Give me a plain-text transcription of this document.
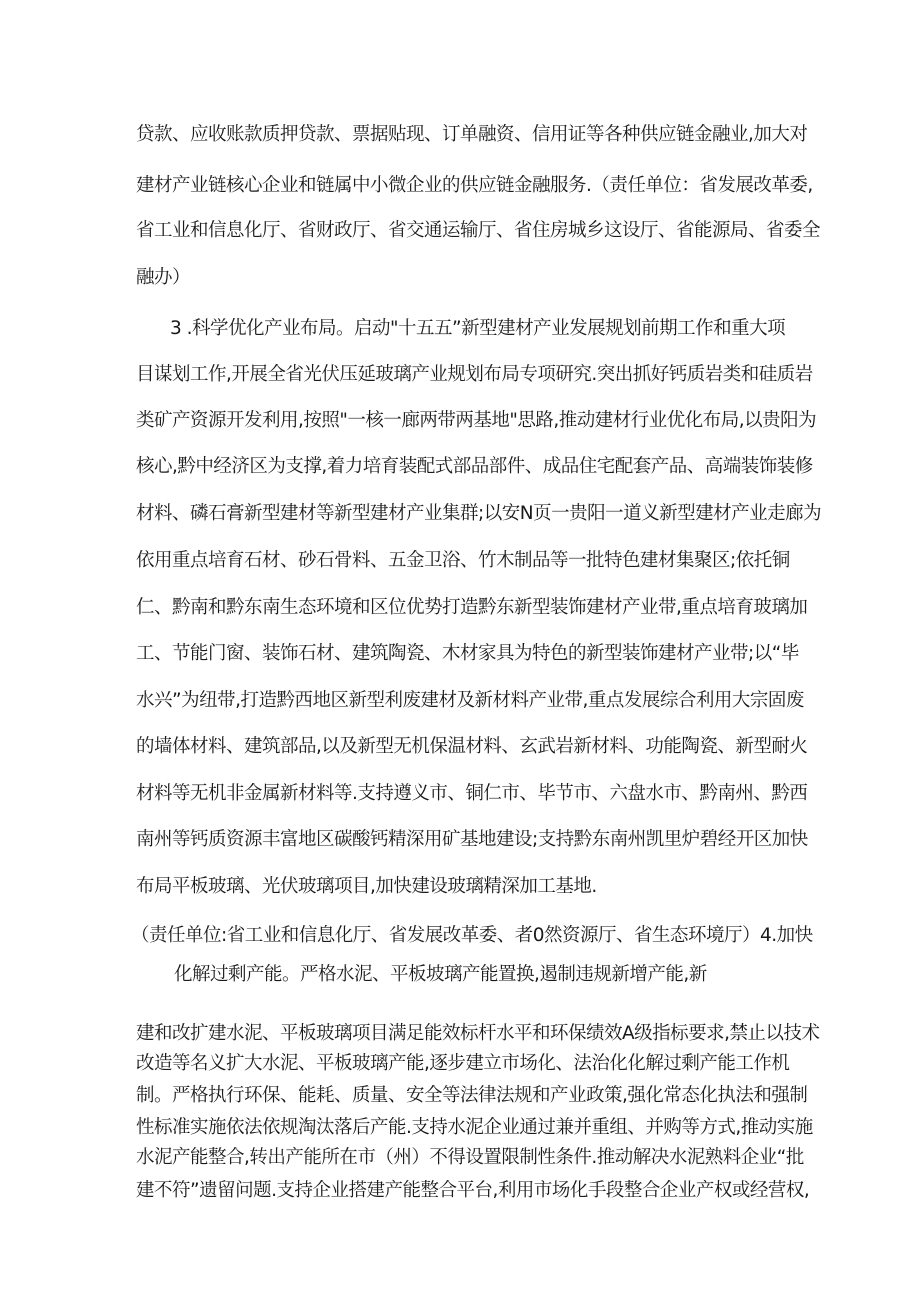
贷款、应收账款质押贷款、票据贴现、订单融资、信用证等各种供应链金融业,加大对
建材产业链核心企业和链属中小微企业的供应链金融服务.（责任单位：省发展改革委,
省工业和信息化厅、省财政厅、省交通运输厅、省住房城乡这设厅、省能源局、省委全
融办）
3 .科学优化产业布局。启动"十五五”新型建材产业发展规划前期工作和重大项
目谋划工作,开展全省光伏压延玻璃产业规划布局专项研究.突出抓好钙质岩类和硅质岩
类矿产资源开发利用,按照"一核一廊两带两基地"思路,推动建材行业优化布局,以贵阳为
核心,黔中经济区为支撑,着力培育装配式部品部件、成品住宅配套产品、高端装饰装修
材料、磷石膏新型建材等新型建材产业集群;以安N页一贵阳一道义新型建材产业走廊为
依用重点培育石材、砂石骨料、五金卫浴、竹木制品等一批特色建材集聚区;依托铜
仁、黔南和黔东南生态环境和区位优势打造黔东新型装饰建材产业带,重点培育玻璃加
工、节能门窗、装饰石材、建筑陶瓷、木材家具为特色的新型装饰建材产业带;以“毕
水兴”为纽带,打造黔西地区新型利废建材及新材料产业带,重点发展综合利用大宗固废
的墙体材料、建筑部品,以及新型无机保温材料、玄武岩新材料、功能陶瓷、新型耐火
材料等无机非金属新材料等.支持遵义市、铜仁市、毕节市、六盘水市、黔南州、黔西
南州等钙质资源丰富地区碳酸钙精深用矿基地建设;支持黔东南州凯里炉碧经开区加快
布局平板玻璃、光伏玻璃项目,加快建设玻璃精深加工基地.
（责任单位:省工业和信息化厅、省发展改革委、者0然资源厅、省生态环境厅）4.加快
化解过剩产能。严格水泥、平板坡璃产能置换,遏制违规新增产能,新
建和改扩建水泥、平板玻璃项目满足能效标杆水平和环保绩效A级指标要求,禁止以技术
改造等名义扩大水泥、平板玻璃产能,逐步建立市场化、法治化化解过剩产能工作机
制。严格执行环保、能耗、质量、安全等法律法规和产业政策,强化常态化执法和强制
性标准实施依法依规淘汰落后产能.支持水泥企业通过兼并重组、并购等方式,推动实施
水泥产能整合,转出产能所在市（州）不得设置限制性条件.推动解决水泥熟料企业“批
建不符”遗留问题.支持企业搭建产能整合平台,利用市场化手段整合企业产权或经营权,
